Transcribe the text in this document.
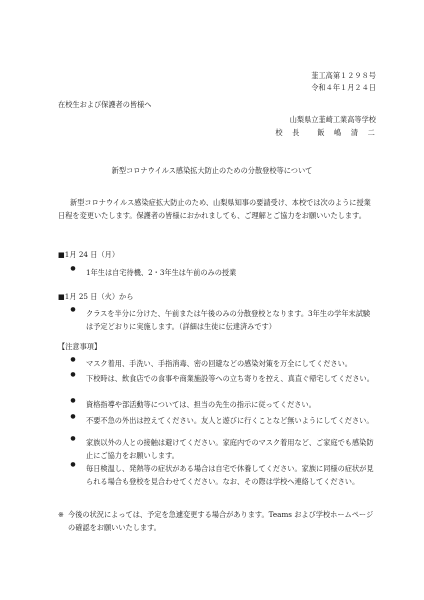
韮工高第１２９８号
令和４年１月２４日
在校生および保護者の皆様へ
山梨県立韮崎工業高等学校
校　長　　飯　嶋　清　二
新型コロナウイルス感染拡大防止のための分散登校等について
新型コロナウイルス感染症拡大防止のため、山梨県知事の要請受け、本校では次のように授業日程を変更いたします。保護者の皆様におかれましても、ご理解とご協力をお願いいたします。
■1月 24 日（月）
●	1年生は自宅待機、2・3年生は午前のみの授業
■1月 25 日（火）から
●	クラスを半分に分けた、午前または午後のみの分散登校となります。3年生の学年末試験は予定どおりに実施します。（詳細は生徒に伝達済みです）
【注意事項】
●	マスク着用、手洗い、手指消毒、密の回避などの感染対策を万全にしてください。
●	下校時は、飲食店での食事や商業施設等への立ち寄りを控え、真直ぐ帰宅してください。
●	資格指導や部活動等については、担当の先生の指示に従ってください。
●	不要不急の外出は控えてください。友人と遊びに行くことなど無いようにしてください。
●	家族以外の人との接触は避けてください。家庭内でのマスク着用など、ご家庭でも感染防止にご協力をお願いします。
●	毎日検温し、発熱等の症状がある場合は自宅で休養してください。家族に同様の症状が見られる場合も登校を見合わせてください。なお、その際は学校へ連絡してください。
※ 今後の状況によっては、予定を急遽変更する場合があります。Teams および学校ホームページの確認をお願いいたします。
